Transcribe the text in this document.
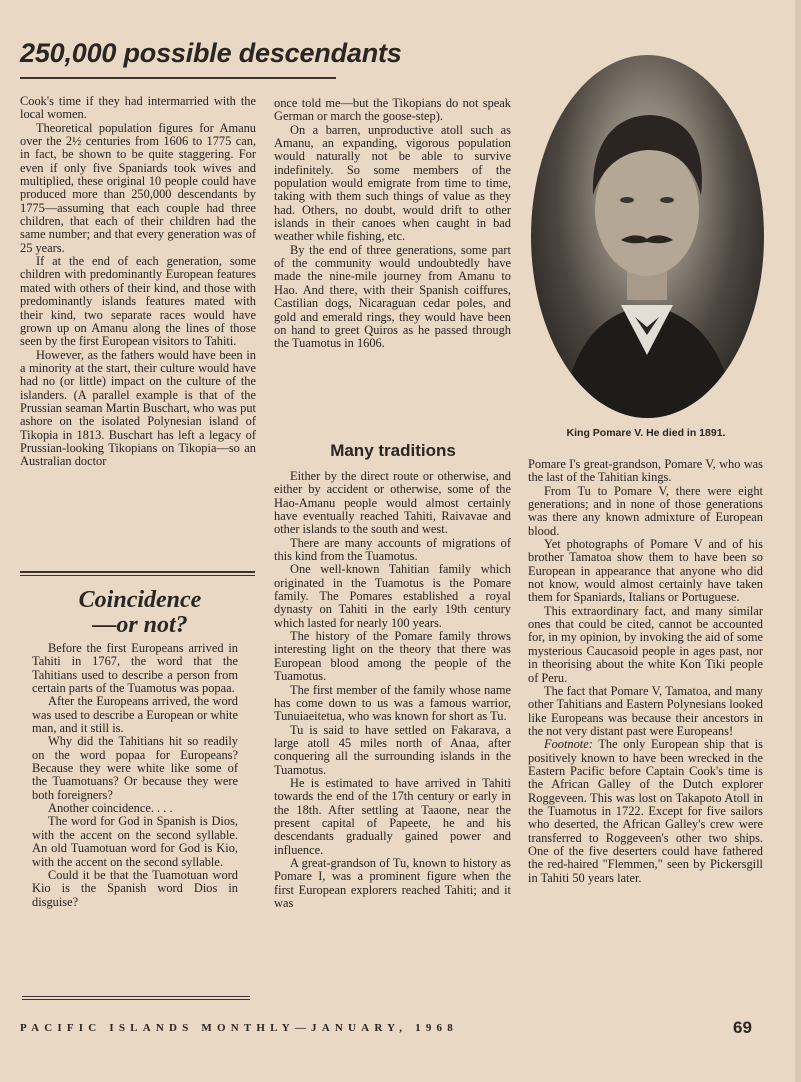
250,000 possible descendants

Cook's time if they had intermarried with the local women.

Theoretical population figures for Amanu over the 2½ centuries from 1606 to 1775 can, in fact, be shown to be quite staggering. For even if only five Spaniards took wives and multiplied, these original 10 people could have produced more than 250,000 descendants by 1775—assuming that each couple had three children, that each of their children had the same number; and that every generation was of 25 years.

If at the end of each generation, some children with predominantly European features mated with others of their kind, and those with predominantly islands features mated with their kind, two separate races would have grown up on Amanu along the lines of those seen by the first European visitors to Tahiti.

However, as the fathers would have been in a minority at the start, their culture would have had no (or little) impact on the culture of the islanders. (A parallel example is that of the Prussian seaman Martin Buschart, who was put ashore on the isolated Polynesian island of Tikopia in 1813. Buschart has left a legacy of Prussian-looking Tikopians on Tikopia—so an Australian doctor

Coincidence
—or not?

Before the first Europeans arrived in Tahiti in 1767, the word that the Tahitians used to describe a person from certain parts of the Tuamotus was popaa.

After the Europeans arrived, the word was used to describe a European or white man, and it still is.

Why did the Tahitians hit so readily on the word popaa for Europeans? Because they were white like some of the Tuamotuans? Or because they were both foreigners?

Another coincidence. . . .

The word for God in Spanish is Dios, with the accent on the second syllable. An old Tuamotuan word for God is Kio, with the accent on the second syllable.

Could it be that the Tuamotuan word Kio is the Spanish word Dios in disguise?

once told me—but the Tikopians do not speak German or march the goose-step).

On a barren, unproductive atoll such as Amanu, an expanding, vigorous population would naturally not be able to survive indefinitely. So some members of the population would emigrate from time to time, taking with them such things of value as they had. Others, no doubt, would drift to other islands in their canoes when caught in bad weather while fishing, etc.

By the end of three generations, some part of the community would undoubtedly have made the nine-mile journey from Amanu to Hao. And there, with their Spanish coiffures, Castilian dogs, Nicaraguan cedar poles, and gold and emerald rings, they would have been on hand to greet Quiros as he passed through the Tuamotus in 1606.

Many traditions

Either by the direct route or otherwise, and either by accident or otherwise, some of the Hao-Amanu people would almost certainly have eventually reached Tahiti, Raivavae and other islands to the south and west.

There are many accounts of migrations of this kind from the Tuamotus.

One well-known Tahitian family which originated in the Tuamotus is the Pomare family. The Pomares established a royal dynasty on Tahiti in the early 19th century which lasted for nearly 100 years.

The history of the Pomare family throws interesting light on the theory that there was European blood among the people of the Tuamotus.

The first member of the family whose name has come down to us was a famous warrior, Tunuiaeitetua, who was known for short as Tu.

Tu is said to have settled on Fakarava, a large atoll 45 miles north of Anaa, after conquering all the surrounding islands in the Tuamotus.

He is estimated to have arrived in Tahiti towards the end of the 17th century or early in the 18th. After settling at Taaone, near the present capital of Papeete, he and his descendants gradually gained power and influence.

A great-grandson of Tu, known to history as Pomare I, was a prominent figure when the first European explorers reached Tahiti; and it was

King Pomare V. He died in 1891.

Pomare I's great-grandson, Pomare V, who was the last of the Tahitian kings.

From Tu to Pomare V, there were eight generations; and in none of those generations was there any known admixture of European blood.

Yet photographs of Pomare V and of his brother Tamatoa show them to have been so European in appearance that anyone who did not know, would almost certainly have taken them for Spaniards, Italians or Portuguese.

This extraordinary fact, and many similar ones that could be cited, cannot be accounted for, in my opinion, by invoking the aid of some mysterious Caucasoid people in ages past, nor in theorising about the white Kon Tiki people of Peru.

The fact that Pomare V, Tamatoa, and many other Tahitians and Eastern Polynesians looked like Europeans was because their ancestors in the not very distant past were Europeans!

Footnote: The only European ship that is positively known to have been wrecked in the Eastern Pacific before Captain Cook's time is the African Galley of the Dutch explorer Roggeveen. This was lost on Takapoto Atoll in the Tuamotus in 1722. Except for five sailors who deserted, the African Galley's crew were transferred to Roggeveen's other two ships. One of the five deserters could have fathered the red-haired "Flemmen," seen by Pickersgill in Tahiti 50 years later.

PACIFIC ISLANDS MONTHLY—JANUARY, 1968	69
